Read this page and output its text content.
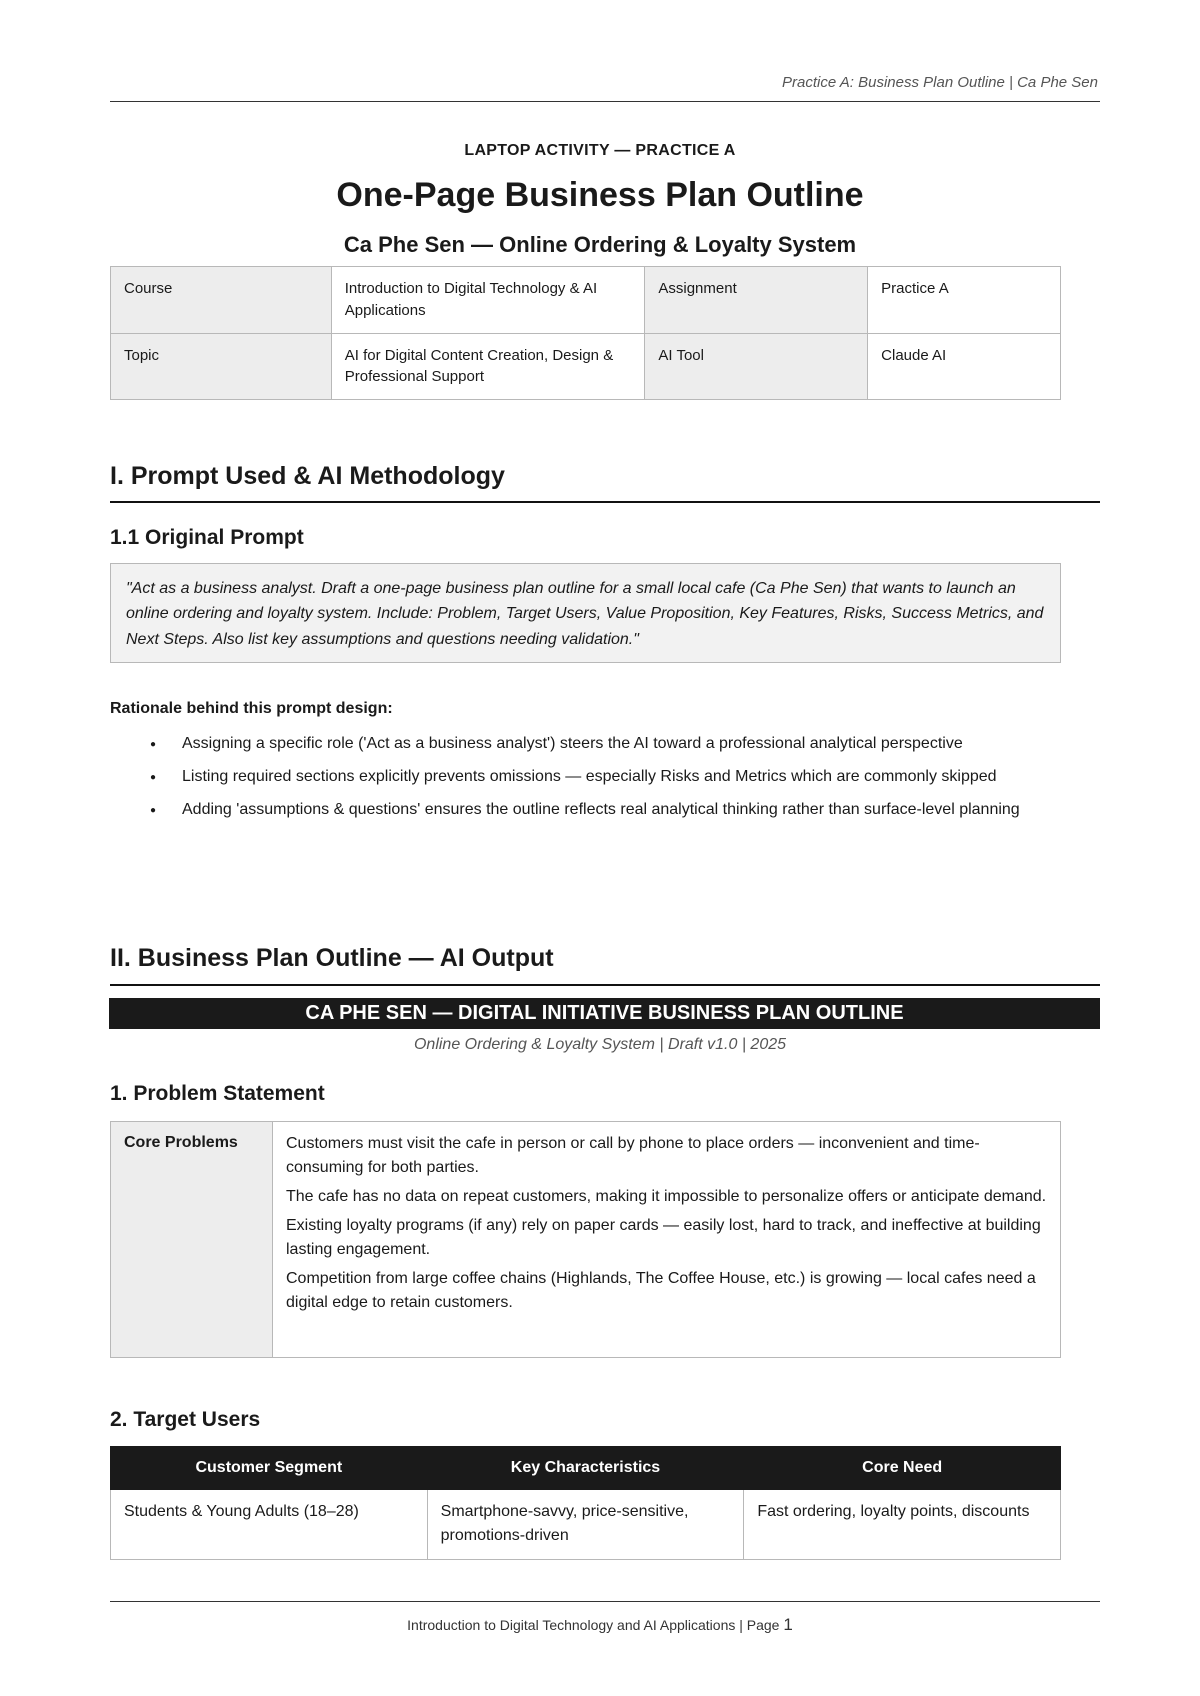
Practice A: Business Plan Outline | Ca Phe Sen
LAPTOP ACTIVITY — PRACTICE A
One-Page Business Plan Outline
Ca Phe Sen — Online Ordering & Loyalty System
Course	Introduction to Digital Technology & AI Applications	Assignment	Practice A
Topic	AI for Digital Content Creation, Design & Professional Support	AI Tool	Claude AI
I. Prompt Used & AI Methodology
1.1 Original Prompt
"Act as a business analyst. Draft a one-page business plan outline for a small local cafe (Ca Phe Sen) that wants to launch an online ordering and loyalty system. Include: Problem, Target Users, Value Proposition, Key Features, Risks, Success Metrics, and Next Steps. Also list key assumptions and questions needing validation."
Rationale behind this prompt design:
● Assigning a specific role ('Act as a business analyst') steers the AI toward a professional analytical perspective
● Listing required sections explicitly prevents omissions — especially Risks and Metrics which are commonly skipped
● Adding 'assumptions & questions' ensures the outline reflects real analytical thinking rather than surface-level planning
II. Business Plan Outline — AI Output
CA PHE SEN — DIGITAL INITIATIVE BUSINESS PLAN OUTLINE
Online Ordering & Loyalty System | Draft v1.0 | 2025
1. Problem Statement
Core Problems	Customers must visit the cafe in person or call by phone to place orders — inconvenient and time-consuming for both parties.

The cafe has no data on repeat customers, making it impossible to personalize offers or anticipate demand.

Existing loyalty programs (if any) rely on paper cards — easily lost, hard to track, and ineffective at building lasting engagement.

Competition from large coffee chains (Highlands, The Coffee House, etc.) is growing — local cafes need a digital edge to retain customers.

2. Target Users
Customer Segment	Key Characteristics	Core Need
Students & Young Adults (18–28)	Smartphone-savvy, price-sensitive, promotions-driven	Fast ordering, loyalty points, discounts
Introduction to Digital Technology and AI Applications | Page 1
